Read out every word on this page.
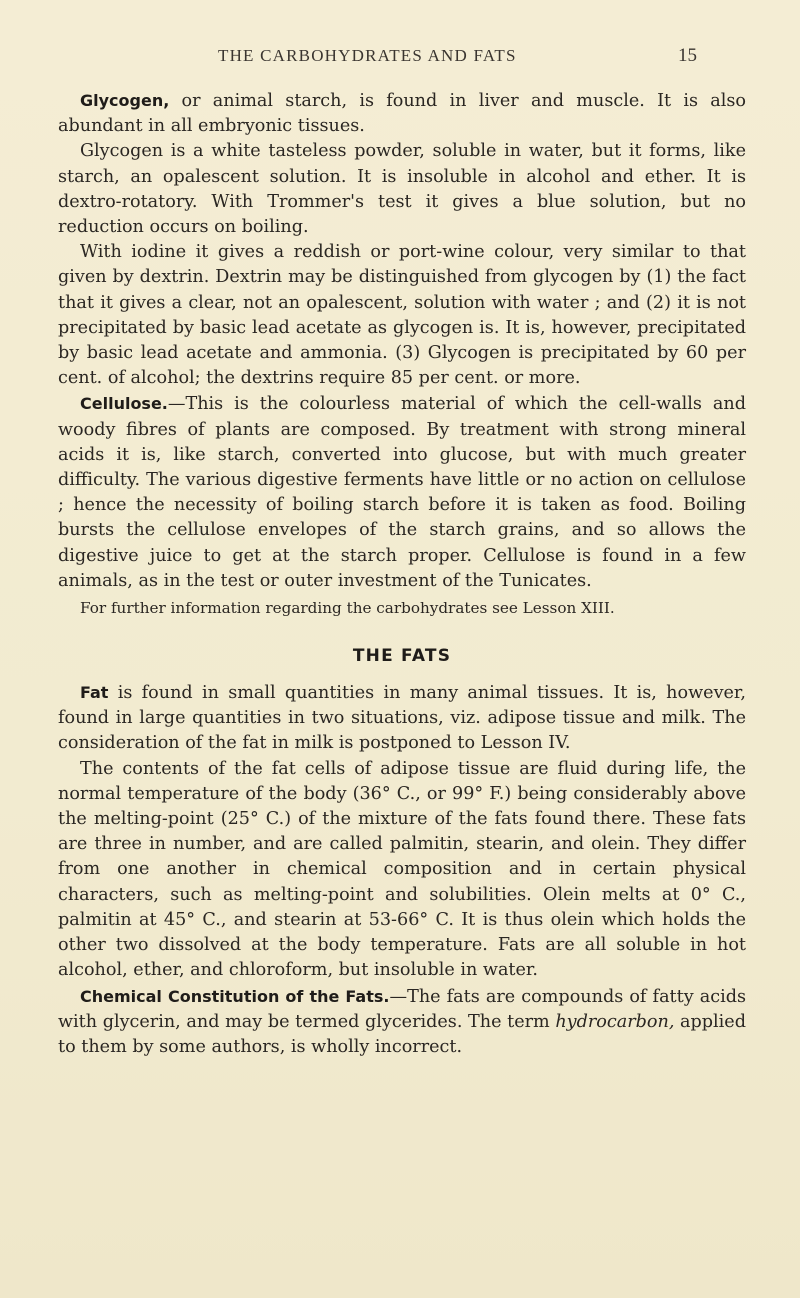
THE CARBOHYDRATES AND FATS	15

Glycogen, or animal starch, is found in liver and muscle. It is also abundant in all embryonic tissues.

Glycogen is a white tasteless powder, soluble in water, but it forms, like starch, an opalescent solution. It is insoluble in alcohol and ether. It is dextro-rotatory. With Trommer's test it gives a blue solution, but no reduction occurs on boiling.

With iodine it gives a reddish or port-wine colour, very similar to that given by dextrin. Dextrin may be distinguished from glycogen by (1) the fact that it gives a clear, not an opalescent, solution with water ; and (2) it is not precipitated by basic lead acetate as glycogen is. It is, however, precipitated by basic lead acetate and ammonia. (3) Glycogen is precipitated by 60 per cent. of alcohol; the dextrins require 85 per cent. or more.

Cellulose.—This is the colourless material of which the cell-walls and woody fibres of plants are composed. By treatment with strong mineral acids it is, like starch, converted into glucose, but with much greater difficulty. The various digestive ferments have little or no action on cellulose ; hence the necessity of boiling starch before it is taken as food. Boiling bursts the cellulose envelopes of the starch grains, and so allows the digestive juice to get at the starch proper. Cellulose is found in a few animals, as in the test or outer investment of the Tunicates.

For further information regarding the carbohydrates see Lesson XIII.

THE FATS

Fat is found in small quantities in many animal tissues. It is, however, found in large quantities in two situations, viz. adipose tissue and milk. The consideration of the fat in milk is postponed to Lesson IV.

The contents of the fat cells of adipose tissue are fluid during life, the normal temperature of the body (36° C., or 99° F.) being considerably above the melting-point (25° C.) of the mixture of the fats found there. These fats are three in number, and are called palmitin, stearin, and olein. They differ from one another in chemical composition and in certain physical characters, such as melting-point and solubilities. Olein melts at 0° C., palmitin at 45° C., and stearin at 53-66° C. It is thus olein which holds the other two dissolved at the body temperature. Fats are all soluble in hot alcohol, ether, and chloroform, but insoluble in water.

Chemical Constitution of the Fats.—The fats are compounds of fatty acids with glycerin, and may be termed glycerides. The term hydrocarbon, applied to them by some authors, is wholly incorrect.
